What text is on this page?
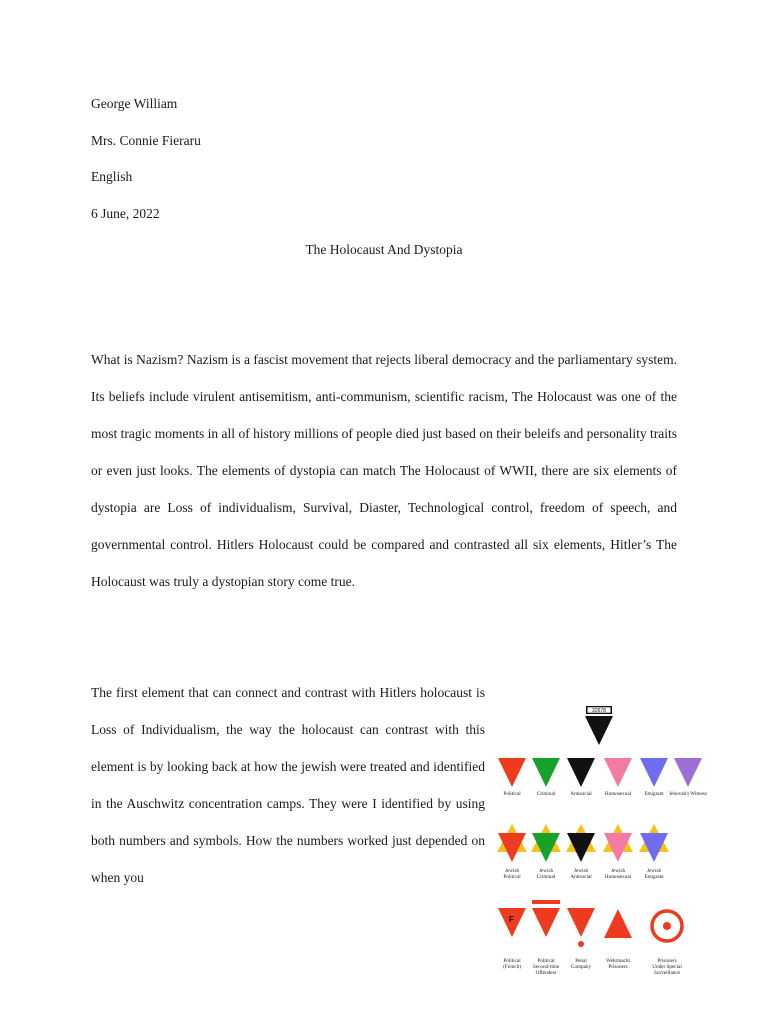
George William
Mrs. Connie Fieraru
English
6 June, 2022
The Holocaust And Dystopia

What is Nazism? Nazism is a fascist movement that rejects liberal democracy and the parliamentary system. Its beliefs include virulent antisemitism, anti-communism, scientific racism, The Holocaust was one of the most tragic moments in all of history millions of people died just based on their beleifs and personality traits or even just looks. The elements of dystopia can match The Holocaust of WWII, there are six elements of dystopia are Loss of individualism, Survival, Diaster, Technological control, freedom of speech, and governmental control. Hitlers Holocaust could be compared and contrasted all six elements, Hitler’s The Holocaust was truly a dystopian story come true.

The first element that can connect and contrast with Hitlers holocaust is Loss of Individualism, the way the holocaust can contrast with this element is by looking back at how the jewish were treated and identified in the Auschwitz concentration camps. They were I identified by using both numbers and symbols. How the numbers worked just depended on when you

32678
Political	Criminal	Antisocial	Homosexual	Emigrant Jehovah's Witness
Jewish Political
Jewish Criminal
Jewish Antisocial
Jewish Homosexual
Jewish Emigrant
F
Political (French)
Political Second-time Offenders
Penal Company
Wehrmacht Prisoners
Prisoners Under Special Surveillance
